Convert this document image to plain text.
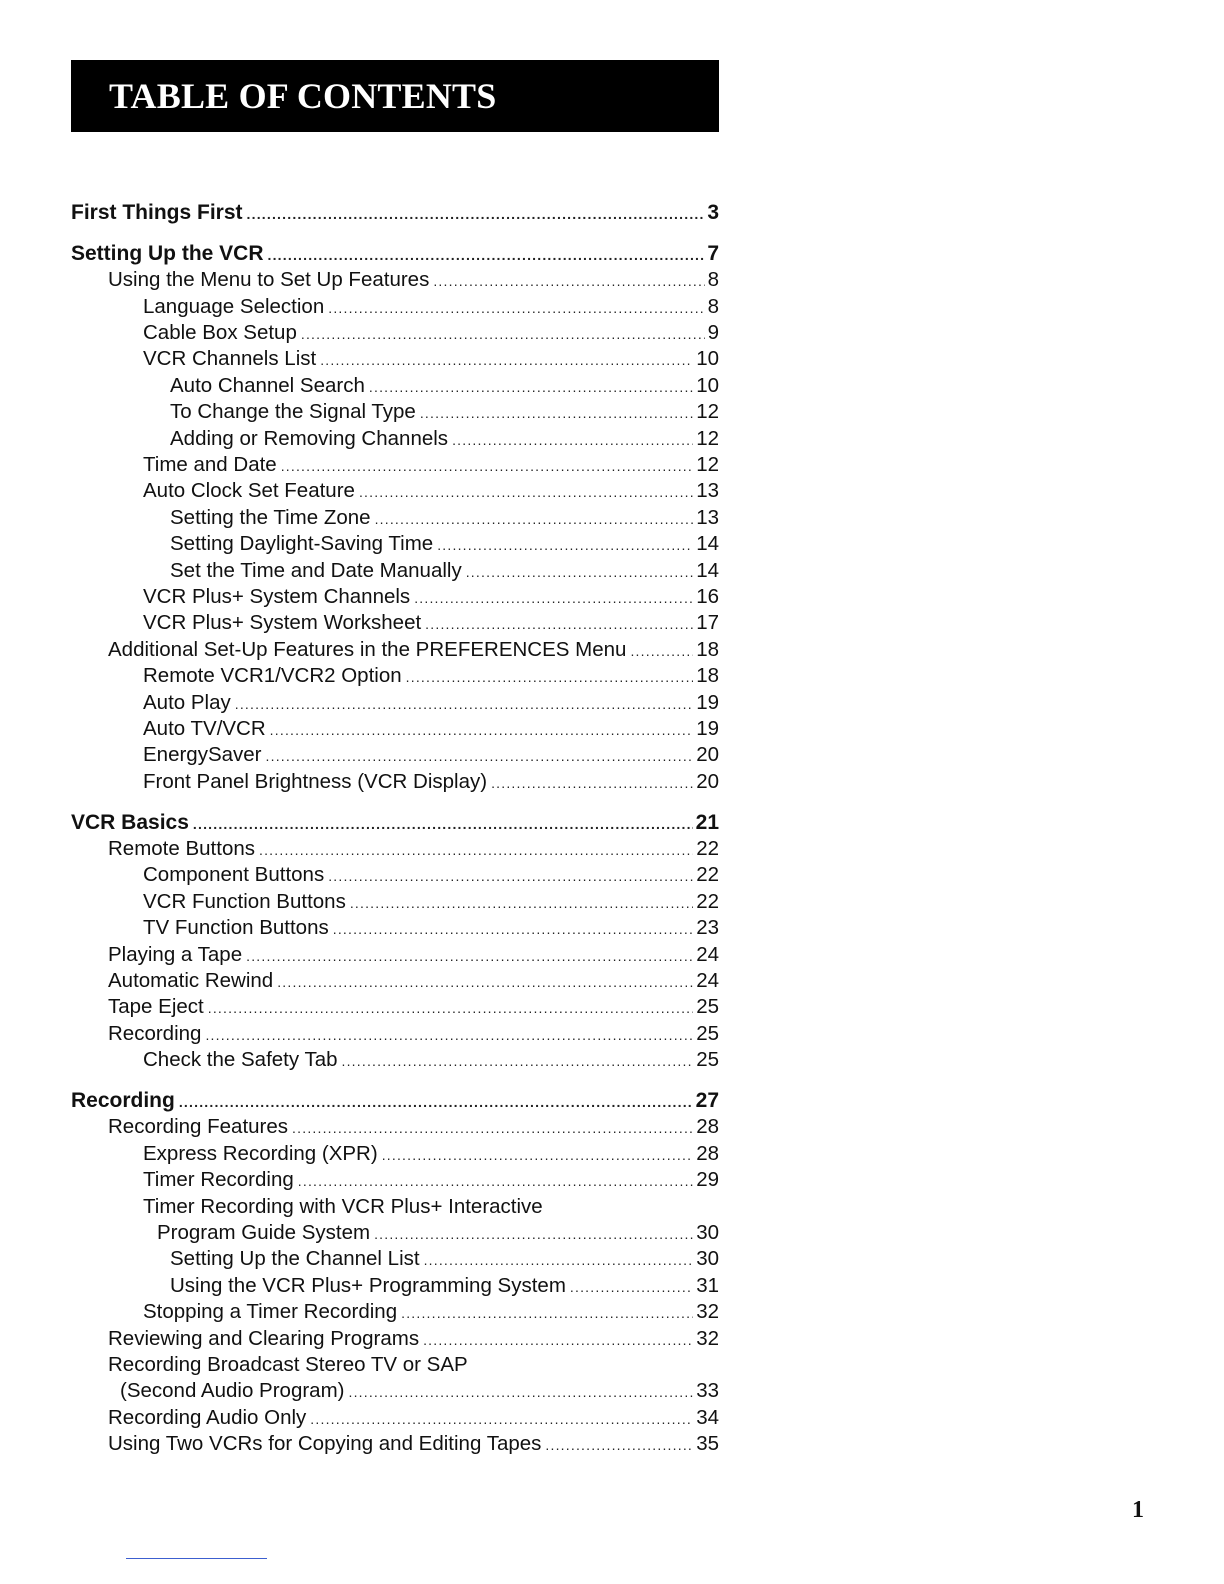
TABLE OF CONTENTS
First Things First .....	3
Setting Up the VCR .....	7
Using the Menu to Set Up Features .....	8
Language Selection .....	8
Cable Box Setup .....	9
VCR Channels List .....	10
Auto Channel Search .....	10
To Change the Signal Type .....	12
Adding or Removing Channels .....	12
Time and Date .....	12
Auto Clock Set Feature .....	13
Setting the Time Zone .....	13
Setting Daylight-Saving Time .....	14
Set the Time and Date Manually .....	14
VCR Plus+ System Channels .....	16
VCR Plus+ System Worksheet .....	17
Additional Set-Up Features in the PREFERENCES Menu .....	18
Remote VCR1/VCR2 Option .....	18
Auto Play .....	19
Auto TV/VCR .....	19
EnergySaver .....	20
Front Panel Brightness (VCR Display) .....	20
VCR Basics .....	21
Remote Buttons .....	22
Component Buttons .....	22
VCR Function Buttons .....	22
TV Function Buttons .....	23
Playing a Tape .....	24
Automatic Rewind .....	24
Tape Eject .....	25
Recording .....	25
Check the Safety Tab .....	25
Recording .....	27
Recording Features .....	28
Express Recording (XPR) .....	28
Timer Recording .....	29
Timer Recording with VCR Plus+ Interactive
Program Guide System .....	30
Setting Up the Channel List .....	30
Using the VCR Plus+ Programming System .....	31
Stopping a Timer Recording .....	32
Reviewing and Clearing Programs .....	32
Recording Broadcast Stereo TV or SAP
(Second Audio Program) .....	33
Recording Audio Only .....	34
Using Two VCRs for Copying and Editing Tapes .....	35
1
